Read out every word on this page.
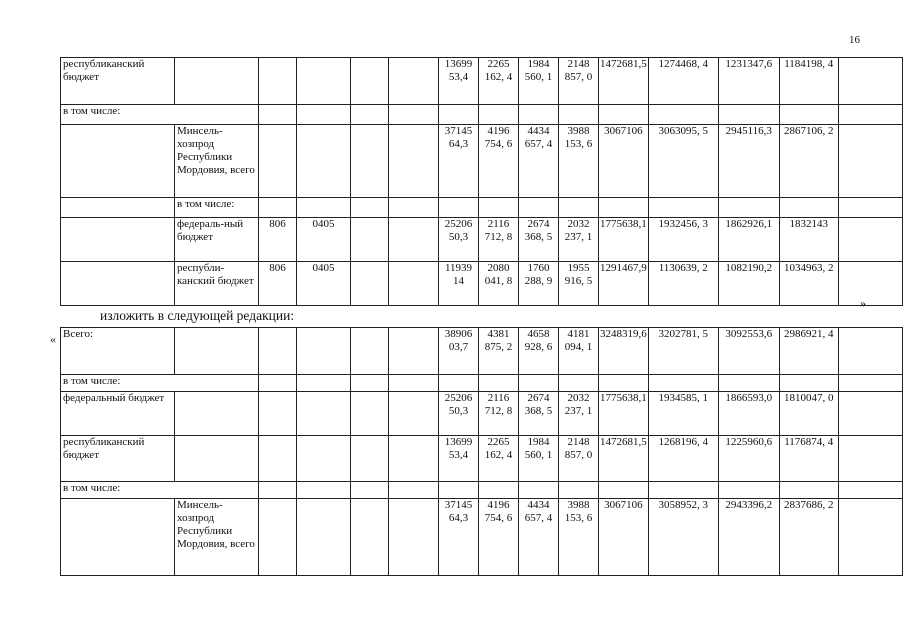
16
республиканский бюджет						13699 53,4	2265 162, 4	1984 560, 1	2148 857, 0	1472681,5	1274468, 4	1231347,6	1184198, 4	
в том числе:														
	Минсель-хозпрод Республики Мордовия, всего					37145 64,3	4196 754, 6	4434 657, 4	3988 153, 6	3067106	3063095, 5	2945116,3	2867106, 2	
	в том числе:													
	федераль-ный бюджет	806	0405			25206 50,3	2116 712, 8	2674 368, 5	2032 237, 1	1775638,1	1932456, 3	1862926,1	1832143	
	республи-канский бюджет	806	0405			11939 14	2080 041, 8	1760 288, 9	1955 916, 5	1291467,9	1130639, 2	1082190,2	1034963, 2	
»
изложить в следующей редакции:
« Всего:						38906 03,7	4381 875, 2	4658 928, 6	4181 094, 1	3248319,6	3202781, 5	3092553,6	2986921, 4	
в том числе:														
федеральный бюджет						25206 50,3	2116 712, 8	2674 368, 5	2032 237, 1	1775638,1	1934585, 1	1866593,0	1810047, 0	
республиканский бюджет						13699 53,4	2265 162, 4	1984 560, 1	2148 857, 0	1472681,5	1268196, 4	1225960,6	1176874, 4	
в том числе:														
	Минсель-хозпрод Республики Мордовия, всего					37145 64,3	4196 754, 6	4434 657, 4	3988 153, 6	3067106	3058952, 3	2943396,2	2837686, 2	
